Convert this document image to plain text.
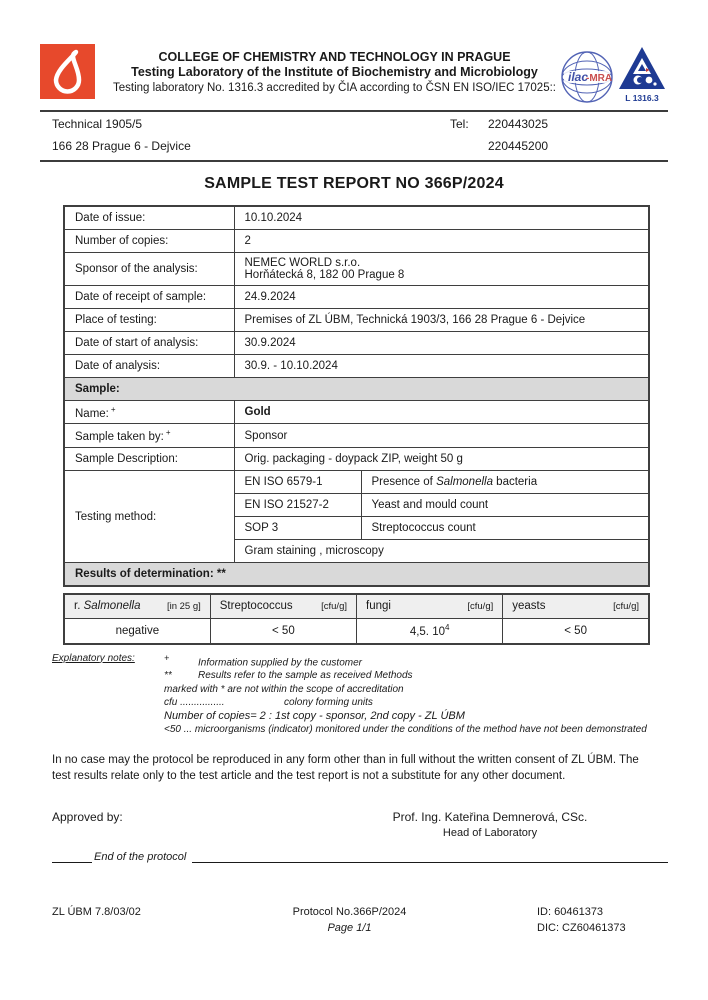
COLLEGE OF CHEMISTRY AND TECHNOLOGY IN PRAGUE
Testing Laboratory of the Institute of Biochemistry and Microbiology
Testing laboratory No. 1316.3 accredited by ČIA according to ČSN EN ISO/IEC 17025::
ilac
-MRA
L 1316.3
Technical 1905/5	Tel:	220443025
166 28 Prague 6 - Dejvice	220445200
SAMPLE TEST REPORT NO 366P/2024
Date of issue:	10.10.2024	
Number of copies:	2	
Sponsor of the analysis:	NEMEC WORLD s.r.o.
Horňátecká 8, 182 00 Prague 8	

Date of receipt of sample:	24.9.2024	
Place of testing:	Premises of ZL ÚBM, Technická 1903/3, 166 28 Prague 6 - Dejvice	
Date of start of analysis:	30.9.2024	
Date of analysis:	30.9. - 10.10.2024	
Sample:		
Name: +	Gold	
Sample taken by: +	Sponsor	
Sample Description:	Orig. packaging - doypack ZIP, weight 50 g	
Testing method:	EN ISO 6579-1	Presence of Salmonella bacteria
	EN ISO 21527-2	Yeast and mould count
	SOP 3	Streptococcus count
	Gram staining , microscopy	
Results of determination: **		
r. Salmonella [in 25 g]	Streptococcus [cfu/g]	fungi [cfu/g]	yeasts [cfu/g]

negative	< 50	4,5. $10^4$	< 50
Explanatory notes:	+	Information supplied by the customer
**	Results refer to the sample as received Methods
marked with * are not within the scope of accreditation
cfu ................	colony forming units
Number of copies= 2 : 1st copy - sponsor, 2nd copy - ZL ÚBM
<50 ... microorganisms (indicator) monitored under the conditions of the method have not been demonstrated
In no case may the protocol be reproduced in any form other than in full without the written consent of ZL ÚBM. The test results relate only to the test article and the test report is not a substitute for any other document.
Approved by:	Prof. Ing. Kateřina Demnerová, CSc.
Head of Laboratory
End of the protocol
ZL ÚBM 7.8/03/02	Protocol No.366P/2024
Page 1/1
ID: 60461373
DIC: CZ60461373
